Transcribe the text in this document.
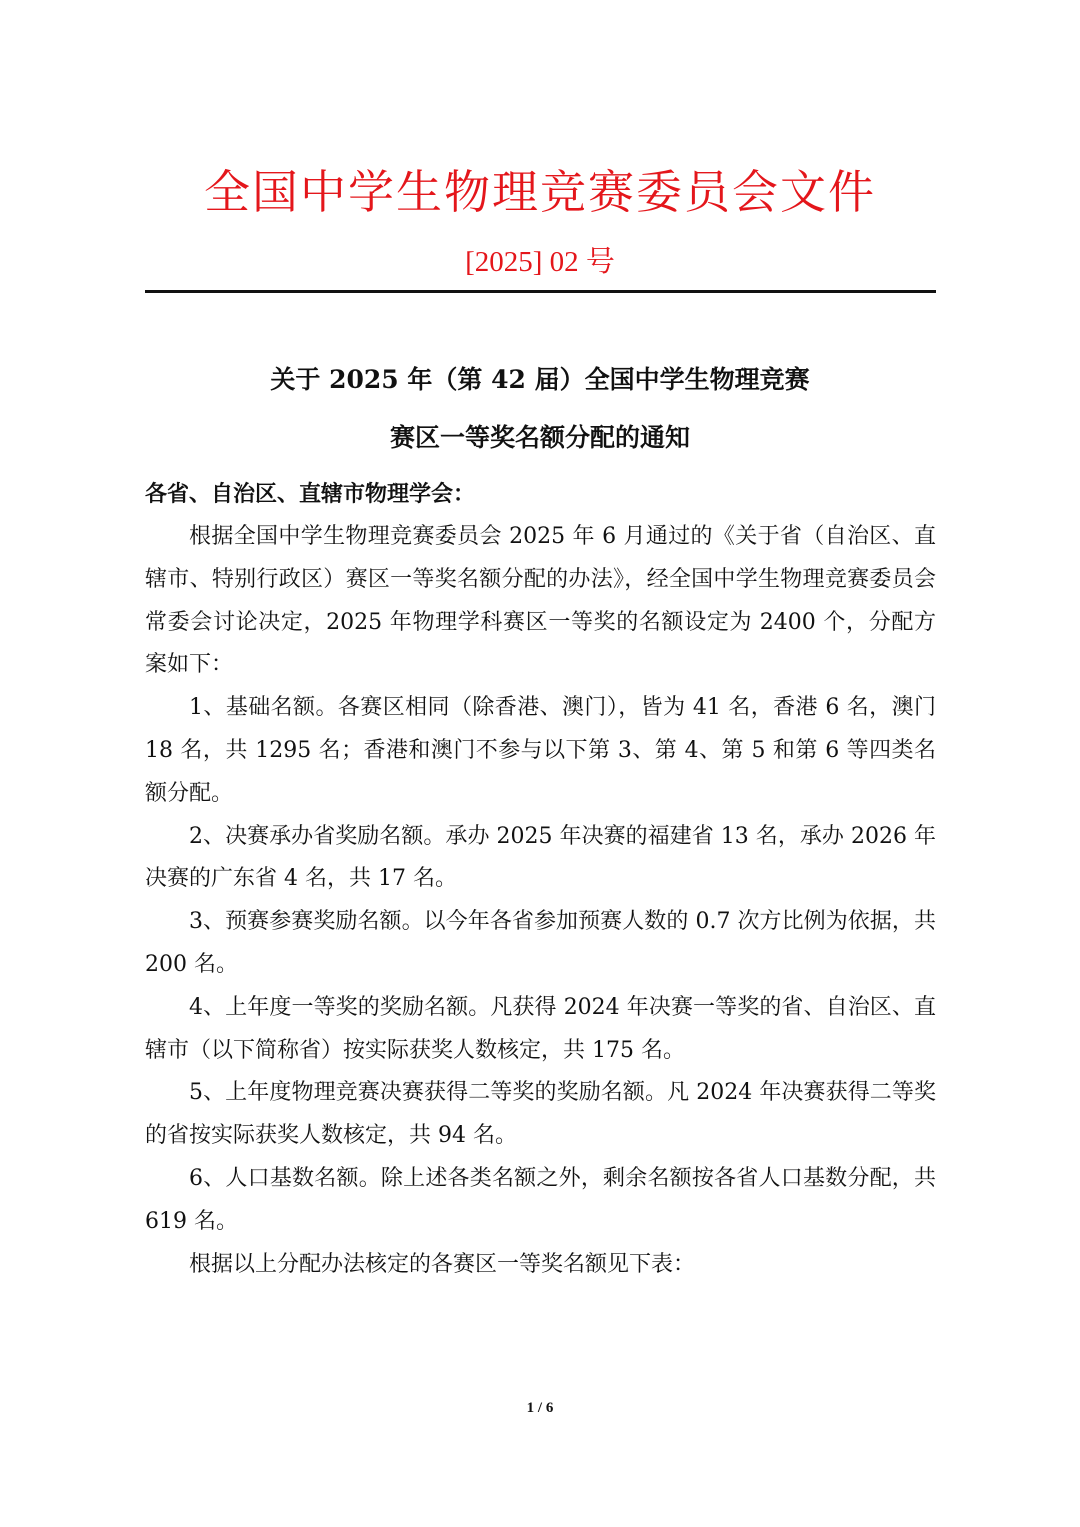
全国中学生物理竞赛委员会文件
[2025] 02 号
关于 2025 年（第 42 届）全国中学生物理竞赛
赛区一等奖名额分配的通知
各省、自治区、直辖市物理学会：

根据全国中学生物理竞赛委员会 2025 年 6 月通过的《关于省（自治区、直辖市、特别行政区）赛区一等奖名额分配的办法》，经全国中学生物理竞赛委员会常委会讨论决定，2025 年物理学科赛区一等奖的名额设定为 2400 个，分配方案如下：

1、基础名额。各赛区相同（除香港、澳门），皆为 41 名，香港 6 名，澳门 18 名，共 1295 名；香港和澳门不参与以下第 3、第 4、第 5 和第 6 等四类名额分配。

2、决赛承办省奖励名额。承办 2025 年决赛的福建省 13 名，承办 2026 年决赛的广东省 4 名，共 17 名。

3、预赛参赛奖励名额。以今年各省参加预赛人数的 0.7 次方比例为依据，共 200 名。

4、上年度一等奖的奖励名额。凡获得 2024 年决赛一等奖的省、自治区、直辖市（以下简称省）按实际获奖人数核定，共 175 名。

5、上年度物理竞赛决赛获得二等奖的奖励名额。凡 2024 年决赛获得二等奖的省按实际获奖人数核定，共 94 名。

6、人口基数名额。除上述各类名额之外，剩余名额按各省人口基数分配，共 619 名。

根据以上分配办法核定的各赛区一等奖名额见下表：

1 / 6
